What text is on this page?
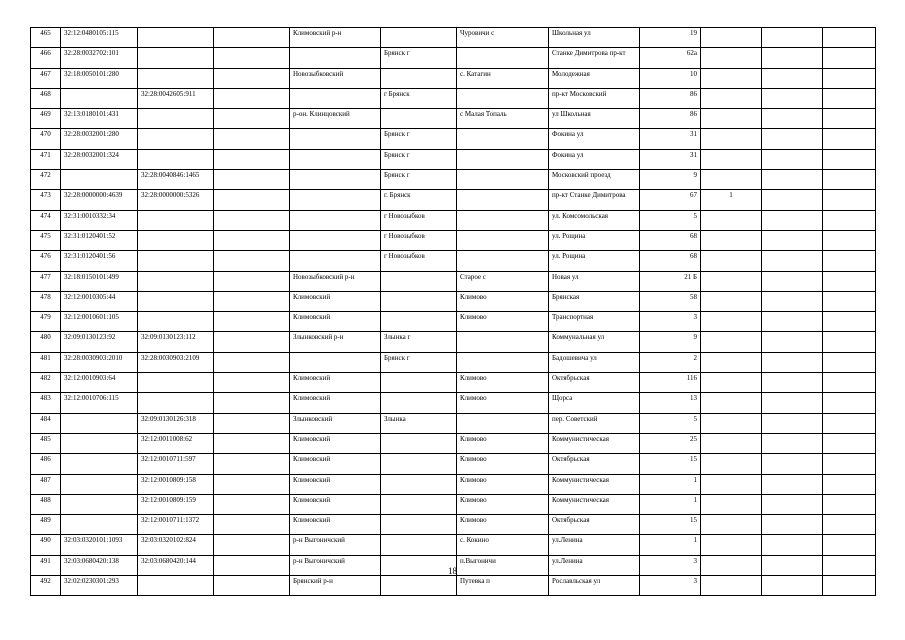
465	32:12:0480105:115			Климовский р-н		Чуровичи с	Школьная ул	19			
466	32:28:0032702:101				Брянск г		Станке Димитрова пр-кт	62а			
467	32:18:0050101:280			Новозыбковский		с. Катагин	Молодежная	10			
468		32:28:0042605:911			г Брянск		пр-кт Московский	86			
469	32:13:0180101:431			р-он. Клинцовский		с Малая Топаль	ул Школьная	86			
470	32:28:0032001:280				Брянск г		Фокина ул	31			
471	32:28:0032001:324				Брянск г		Фокина ул	31			
472		32:28:0040846:1465			Брянск г		Московский проезд	9			
473	32:28:0000000:4639	32:28:0000000:5326			г. Брянск		пр-кт Станке Димитрова	67	1		
474	32:31:0010332:34				г Новозыбков		ул. Комсомольская	5			
475	32:31:0120401:52				г Новозыбков		ул. Рощина	68			
476	32:31:0120401:56				г Новозыбков		ул. Рощина	68			
477	32:18:0150101:499			Новозыбковский р-н		Старое с	Новая ул	21 Б			
478	32:12:0010305:44			Климовский		Климово	Брянская	58			
479	32:12:0010601:105			Климовский		Климово	Транспортная	3			
480	32:09:0130123:92	32:09:0130123:112		Злынковский р-н	Злынка г		Коммунальная ул	9			
481	32:28:0030903:2010	32:28:0030903:2109			Брянск г		Бадошевича ул	2			
482	32:12:0010903:64			Климовский		Климово	Октябрьская	116			
483	32:12:0010706:115			Климовский		Климово	Щорса	13			
484		32:09:0130126:318		Злынковский	Злынка		пер. Советский	5			
485		32:12:0011008:62		Климовский		Климово	Коммунистическая	25			
486		32:12:0010711:597		Климовский		Климово	Октябрьская	15			
487		32:12:0010809:158		Климовский		Климово	Коммунистическая	1			
488		32:12:0010809:159		Климовский		Климово	Коммунистическая	1			
489		32:12:0010711:1372		Климовский		Климово	Октябрьская	15			
490	32:03:0320101:1093	32:03:0320102:824		р-н Выгоничский		с. Кокино	ул.Ленина	1			
491	32:03:0680420:138	32:03:0680420:144		р-н Выгоничский		п.Выгоничи	ул.Ленина	3			
492	32:02:0230301:293			Брянский р-н		Путевка п	Рославльская ул	3			
18
